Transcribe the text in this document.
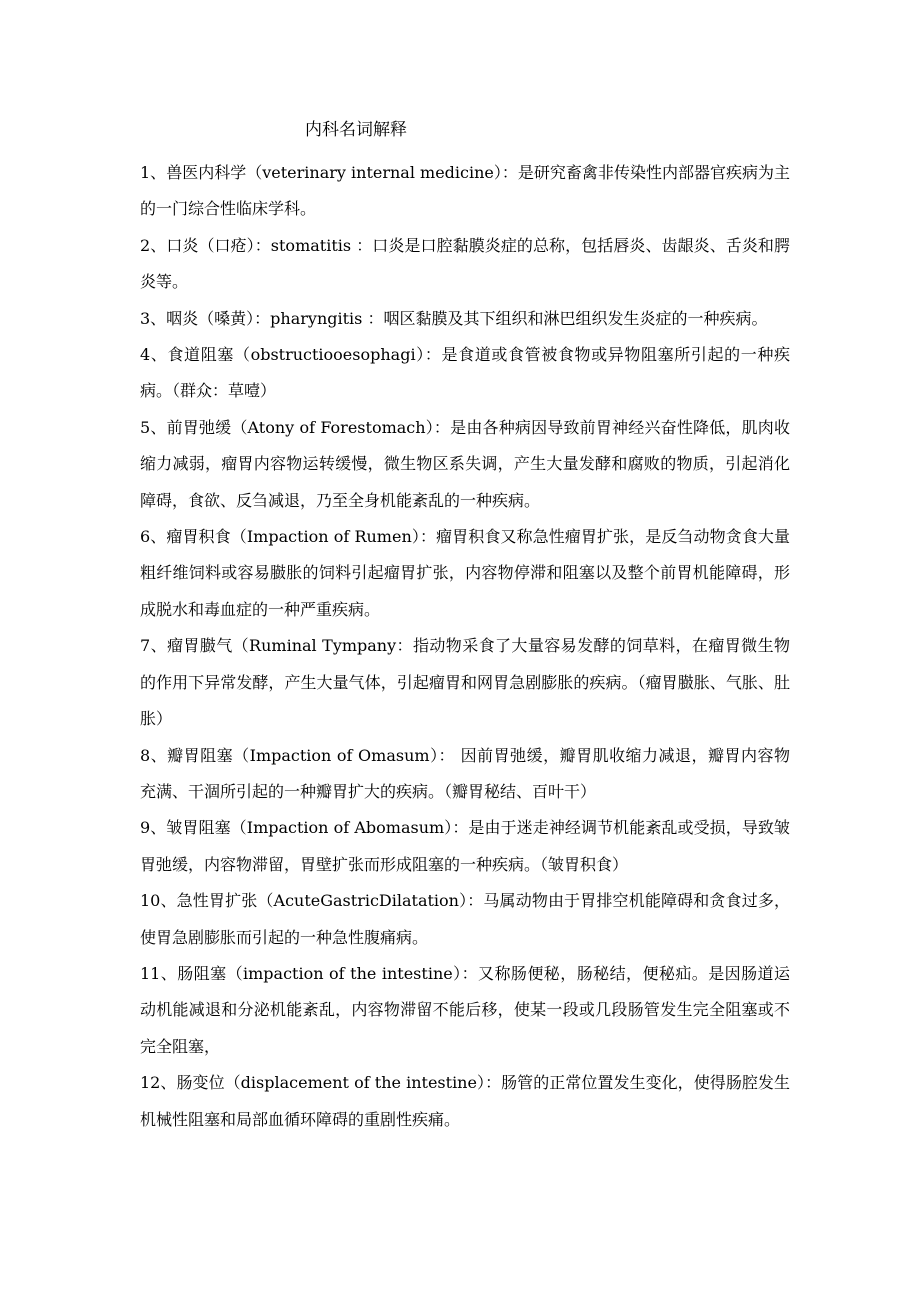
内科名词解释

1、兽医内科学（veterinary internal medicine）：是研究畜禽非传染性内部器官疾病为主的一门综合性临床学科。

2、口炎（口疮）：stomatitis ：口炎是口腔黏膜炎症的总称，包括唇炎、齿龈炎、舌炎和腭炎等。

3、咽炎（嗓黄）：pharyngitis ：咽区黏膜及其下组织和淋巴组织发生炎症的一种疾病。

4、食道阻塞（obstructiooesophagi）：是食道或食管被食物或异物阻塞所引起的一种疾病。（群众：草噎）

5、前胃弛缓（Atony of Forestomach）：是由各种病因导致前胃神经兴奋性降低，肌肉收缩力减弱，瘤胃内容物运转缓慢，微生物区系失调，产生大量发酵和腐败的物质，引起消化障碍，食欲、反刍减退，乃至全身机能紊乱的一种疾病。

6、瘤胃积食（Impaction of Rumen）：瘤胃积食又称急性瘤胃扩张，是反刍动物贪食大量粗纤维饲料或容易臌胀的饲料引起瘤胃扩张，内容物停滞和阻塞以及整个前胃机能障碍，形成脱水和毒血症的一种严重疾病。

7、瘤胃臌气（Ruminal Tympany：指动物采食了大量容易发酵的饲草料，在瘤胃微生物的作用下异常发酵，产生大量气体，引起瘤胃和网胃急剧膨胀的疾病。（瘤胃臌胀、气胀、肚胀）

8、瓣胃阻塞（Impaction of Omasum）： 因前胃弛缓，瓣胃肌收缩力减退，瓣胃内容物充满、干涸所引起的一种瓣胃扩大的疾病。（瓣胃秘结、百叶干）

9、皱胃阻塞（Impaction of Abomasum）：是由于迷走神经调节机能紊乱或受损，导致皱胃弛缓，内容物滞留，胃壁扩张而形成阻塞的一种疾病。（皱胃积食）

10、急性胃扩张（AcuteGastricDilatation）：马属动物由于胃排空机能障碍和贪食过多，使胃急剧膨胀而引起的一种急性腹痛病。

11、肠阻塞（impaction of the intestine）：又称肠便秘，肠秘结，便秘疝。是因肠道运动机能减退和分泌机能紊乱，内容物滞留不能后移，使某一段或几段肠管发生完全阻塞或不完全阻塞，

12、肠变位（displacement of the intestine）：肠管的正常位置发生变化，使得肠腔发生机械性阻塞和局部血循环障碍的重剧性疾痛。
